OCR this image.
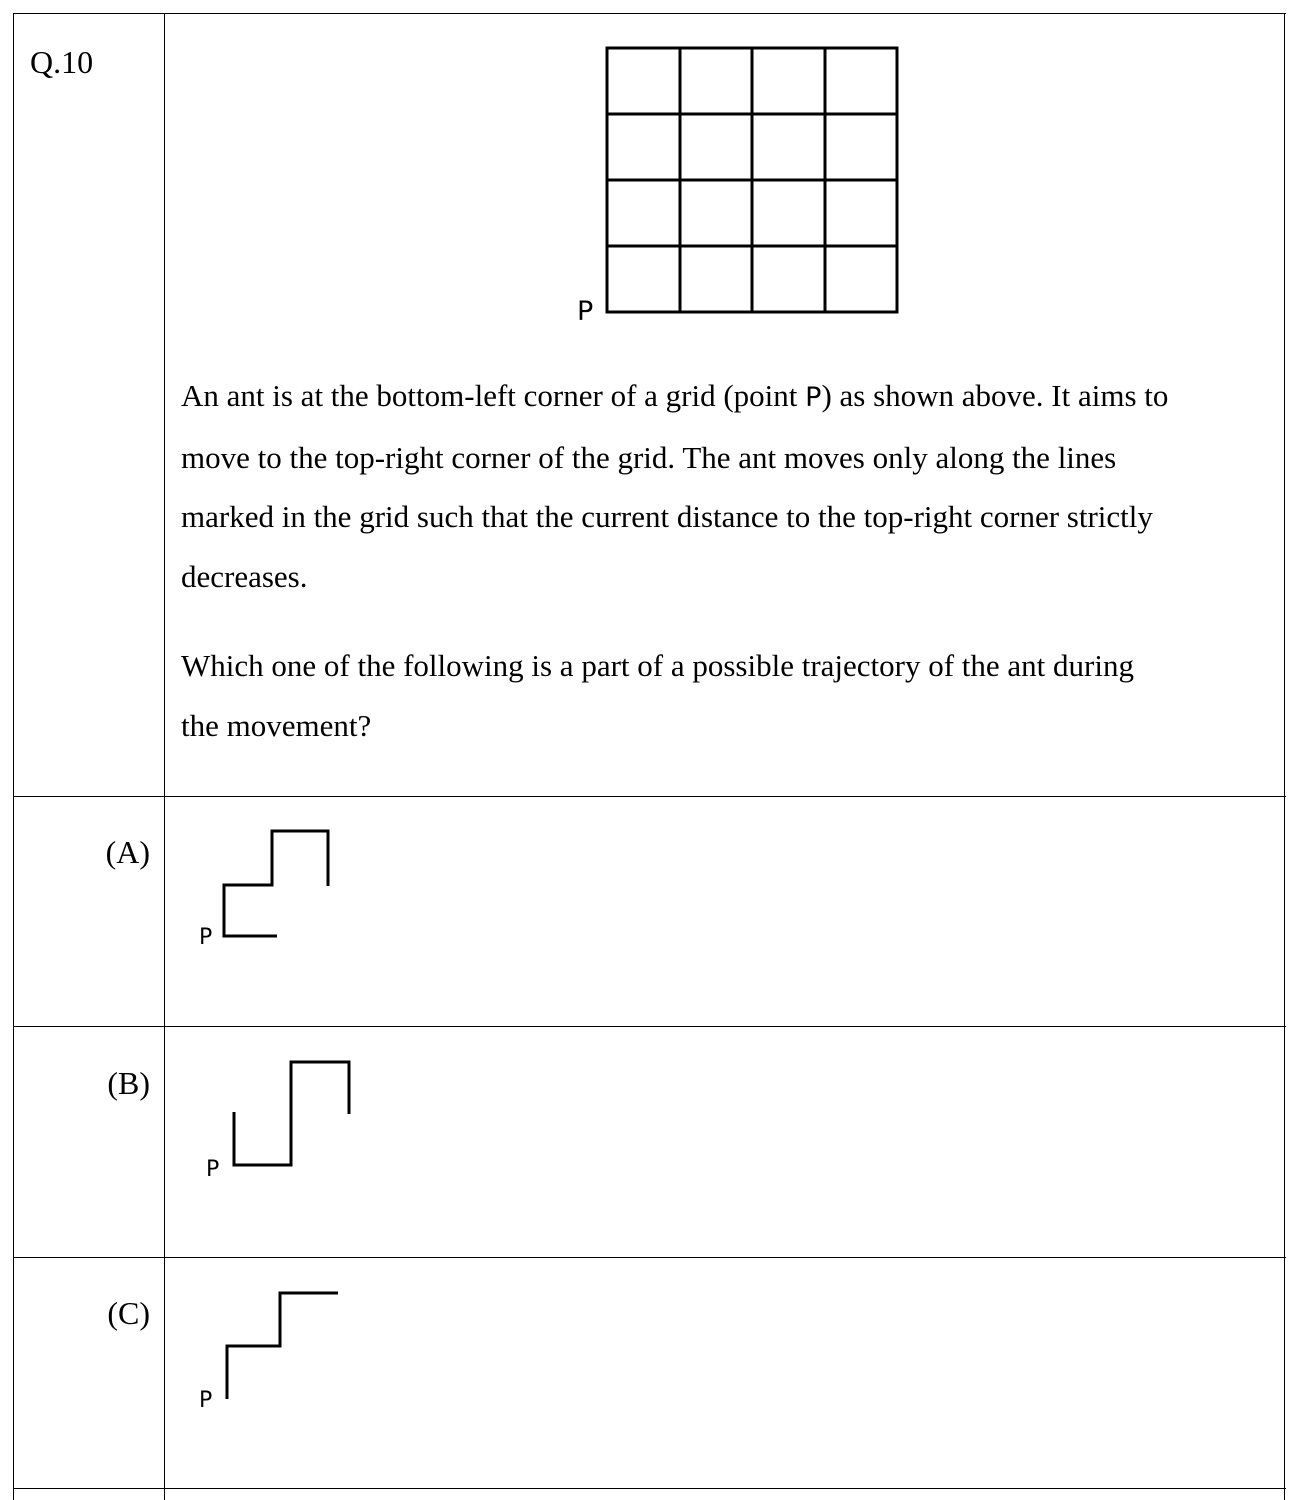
Q.10
P
An ant is at the bottom-left corner of a grid (point P) as shown above. It aims to
move to the top-right corner of the grid. The ant moves only along the lines
marked in the grid such that the current distance to the top-right corner strictly
decreases.
Which one of the following is a part of a possible trajectory of the ant during
the movement?
(A)
P
(B)
P
(C)
P
